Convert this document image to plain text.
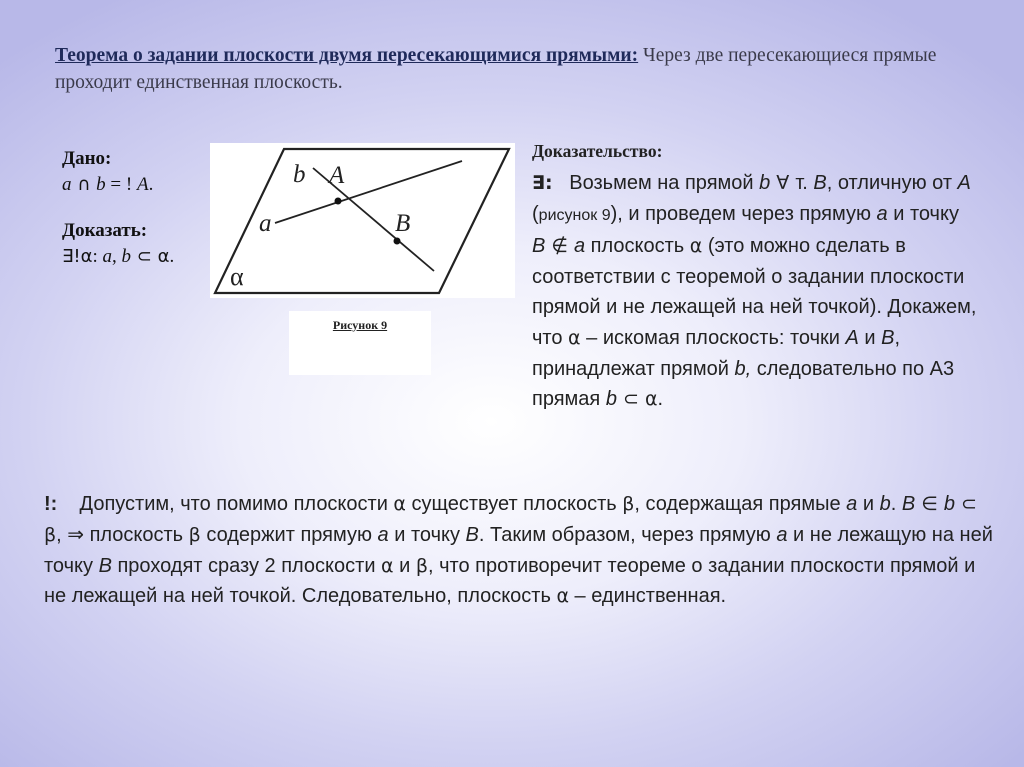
Теорема о задании плоскости двумя пересекающимися прямыми: Через две пересекающиеся прямые проходит единственная плоскость.
Дано:
a ∩ b = ! A.
Доказать:
∃!α: a, b ⊂ α.
b A
a	B
α
Рисунок 9
Доказательство:
∃:   Возьмем на прямой b ∀ т. B, отличную от A (рисунок 9), и проведем через прямую a и точку B ∉ a плоскость α (это можно сделать в соответствии с теоремой о задании плоскости прямой и не лежащей на ней точкой). Докажем, что α – искомая плоскость: точки A и B, принадлежат прямой b, следовательно по А3 прямая b ⊂ α.
!:    Допустим, что помимо плоскости α существует плоскость β, содержащая прямые a и b. B ∈ b ⊂ β, ⇒ плоскость β содержит прямую a и точку B. Таким образом, через прямую a и не лежащую на ней точку B проходят сразу 2 плоскости α и β, что противоречит теореме о задании плоскости прямой и не лежащей на ней точкой. Следовательно, плоскость α – единственная.
